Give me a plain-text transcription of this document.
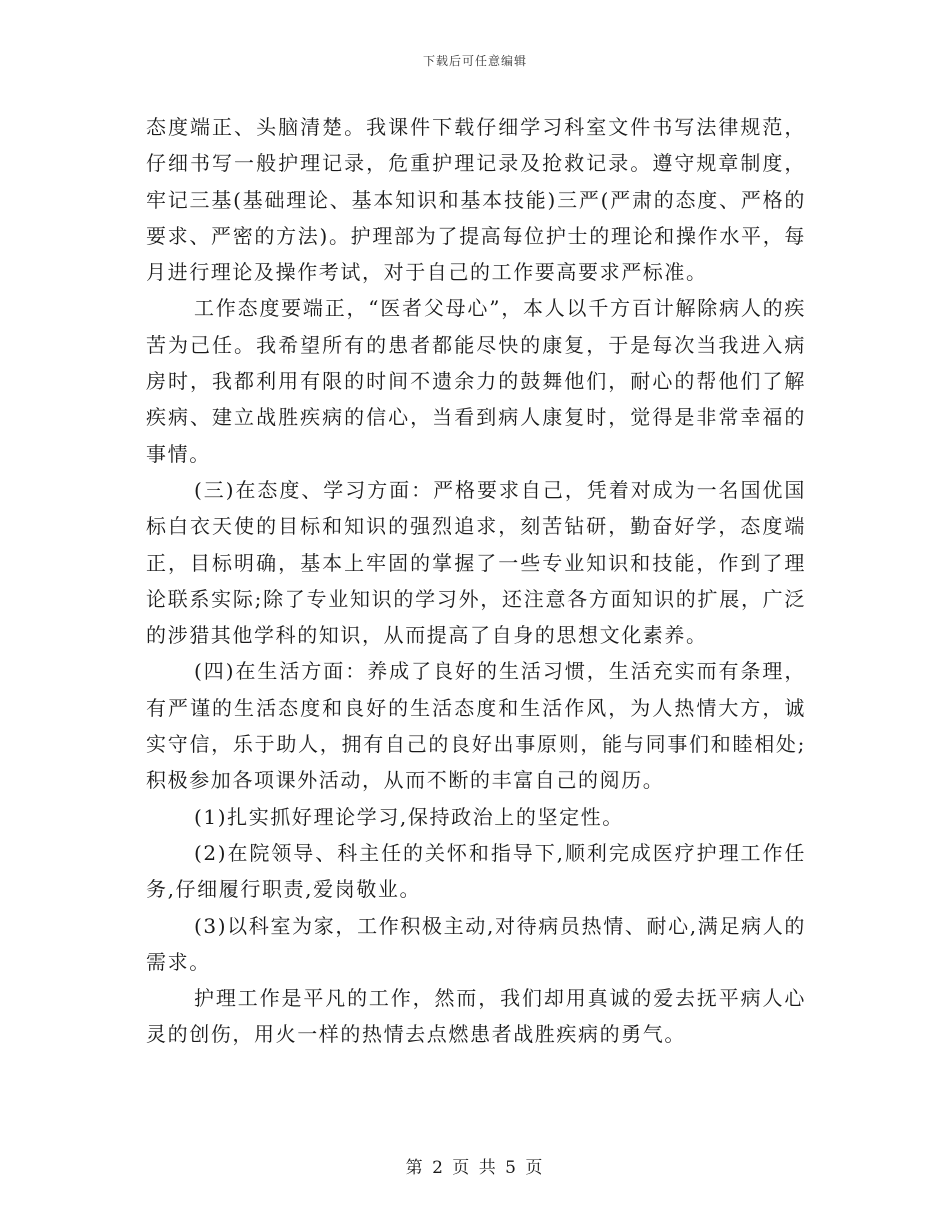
下载后可任意编辑

态度端正、头脑清楚。我课件下载仔细学习科室文件书写法律规范，仔细书写一般护理记录，危重护理记录及抢救记录。遵守规章制度，牢记三基(基础理论、基本知识和基本技能)三严(严肃的态度、严格的要求、严密的方法)。护理部为了提高每位护士的理论和操作水平，每月进行理论及操作考试，对于自己的工作要高要求严标准。

工作态度要端正，“医者父母心”，本人以千方百计解除病人的疾苦为己任。我希望所有的患者都能尽快的康复，于是每次当我进入病房时，我都利用有限的时间不遗余力的鼓舞他们，耐心的帮他们了解疾病、建立战胜疾病的信心，当看到病人康复时，觉得是非常幸福的事情。

(三)在态度、学习方面：严格要求自己，凭着对成为一名国优国标白衣天使的目标和知识的强烈追求，刻苦钻研，勤奋好学，态度端正，目标明确，基本上牢固的掌握了一些专业知识和技能，作到了理论联系实际;除了专业知识的学习外，还注意各方面知识的扩展，广泛的涉猎其他学科的知识，从而提高了自身的思想文化素养。

(四)在生活方面：养成了良好的生活习惯，生活充实而有条理，有严谨的生活态度和良好的生活态度和生活作风，为人热情大方，诚实守信，乐于助人，拥有自己的良好出事原则，能与同事们和睦相处;积极参加各项课外活动，从而不断的丰富自己的阅历。

(1)扎实抓好理论学习,保持政治上的坚定性。

(2)在院领导、科主任的关怀和指导下,顺利完成医疗护理工作任务,仔细履行职责,爱岗敬业。

(3)以科室为家，工作积极主动,对待病员热情、耐心,满足病人的需求。

护理工作是平凡的工作，然而，我们却用真诚的爱去抚平病人心灵的创伤，用火一样的热情去点燃患者战胜疾病的勇气。

第 2 页 共 5 页
